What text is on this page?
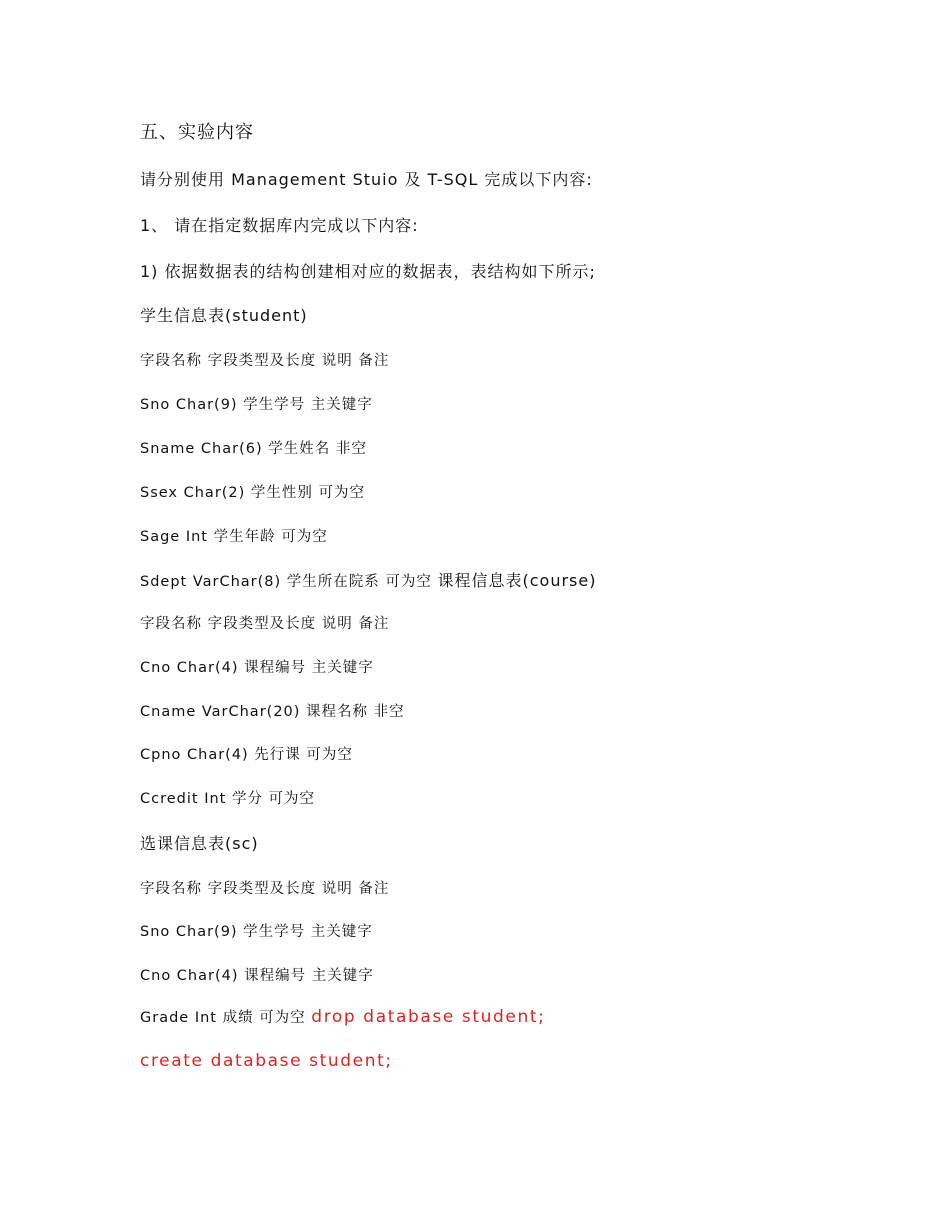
五、实验内容
请分别使用 Management Stuio 及 T-SQL 完成以下内容:
1、 请在指定数据库内完成以下内容:
1) 依据数据表的结构创建相对应的数据表，表结构如下所示;
学生信息表(student)
字段名称 字段类型及长度 说明 备注
Sno Char(9) 学生学号 主关键字
Sname Char(6) 学生姓名 非空
Ssex Char(2) 学生性别 可为空
Sage Int 学生年龄 可为空
Sdept VarChar(8) 学生所在院系 可为空 课程信息表(course)
字段名称 字段类型及长度 说明 备注
Cno Char(4) 课程编号 主关键字
Cname VarChar(20) 课程名称 非空
Cpno Char(4) 先行课 可为空
Ccredit Int 学分 可为空
选课信息表(sc)
字段名称 字段类型及长度 说明 备注
Sno Char(9) 学生学号 主关键字
Cno Char(4) 课程编号 主关键字
Grade Int 成绩 可为空 drop database student;
create database student;
